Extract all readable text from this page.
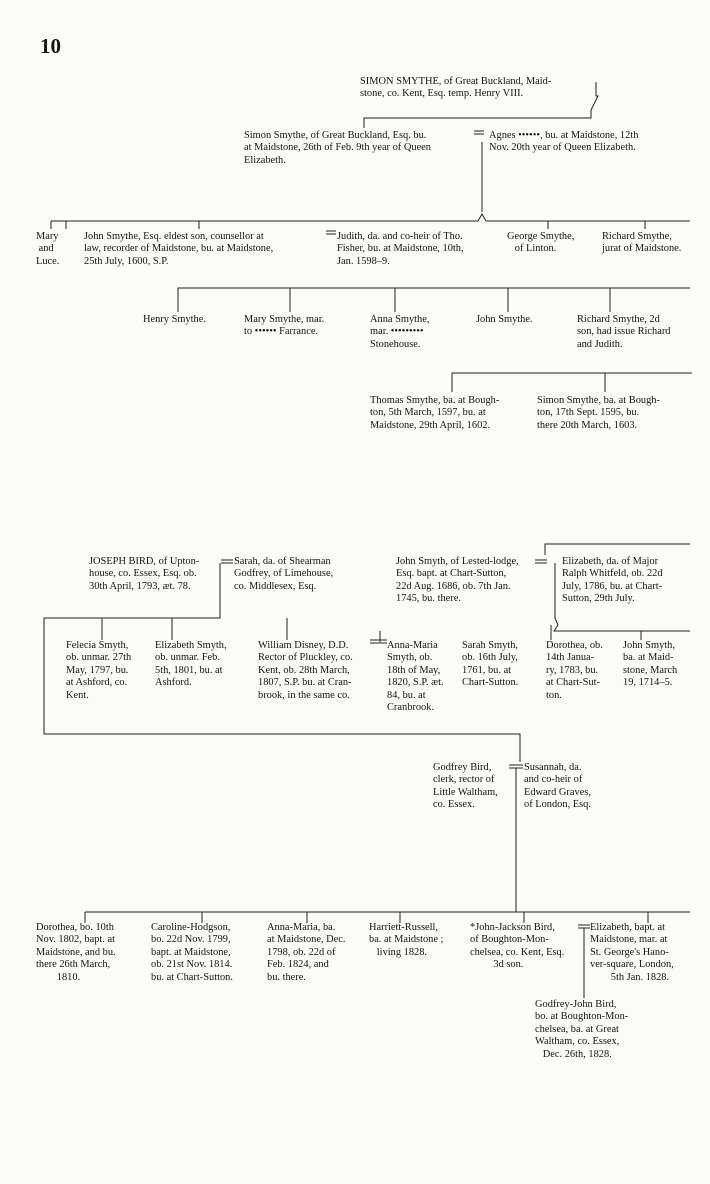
10
SIMON SMYTHE, of Great Buckland, Maid-
stone, co. Kent, Esq. temp. Henry VIII.
Simon Smythe, of Great Buckland, Esq. bu.
at Maidstone, 26th of Feb. 9th year of Queen
Elizabeth.
Agnes ••••••, bu. at Maidstone, 12th
Nov. 20th year of Queen Elizabeth.
Mary
and
Luce.
John Smythe, Esq. eldest son, counsellor at
law, recorder of Maidstone, bu. at Maidstone,
25th July, 1600, S.P.
Judith, da. and co-heir of Tho.
Fisher, bu. at Maidstone, 10th,
Jan. 1598–9.
George Smythe,
of Linton.
Richard Smythe,
jurat of Maidstone.
Henry Smythe.	Mary Smythe, mar.
to •••••• Farrance.
Anna Smythe,
mar. •••••••••
Stonehouse.
John Smythe.	Richard Smythe, 2d
son, had issue Richard
and Judith.
Thomas Smythe, ba. at Bough-
ton, 5th March, 1597, bu. at
Maidstone, 29th April, 1602.
Simon Smythe, ba. at Bough-
ton, 17th Sept. 1595, bu.
there 20th March, 1603.
JOSEPH BIRD, of Upton-
house, co. Essex, Esq. ob.
30th April, 1793, æt. 78.
Sarah, da. of Shearman
Godfrey, of Limehouse,
co. Middlesex, Esq.
John Smyth, of Lested-lodge,
Esq. bapt. at Chart-Sutton,
22d Aug. 1686, ob. 7th Jan.
1745, bu. there.
Elizabeth, da. of Major
Ralph Whitfeld, ob. 22d
July, 1786, bu. at Chart-
Sutton, 29th July.
Felecia Smyth,
ob. unmar. 27th
May, 1797, bu.
at Ashford, co.
Kent.
Elizabeth Smyth,
ob. unmar. Feb.
5th, 1801, bu. at
Ashford.
William Disney, D.D.
Rector of Pluckley, co.
Kent, ob. 28th March,
1807, S.P. bu. at Cran-
brook, in the same co.
Anna-Maria
Smyth, ob.
18th of May,
1820, S.P. æt.
84, bu. at
Cranbrook.
Sarah Smyth,
ob. 16th July,
1761, bu. at
Chart-Sutton.
Dorothea, ob.
14th Janua-
ry, 1783, bu.
at Chart-Sut-
ton.
John Smyth,
ba. at Maid-
stone, March
19, 1714–5.
Godfrey Bird,
clerk, rector of
Little Waltham,
co. Essex.
Susannah, da.
and co-heir of
Edward Graves,
of London, Esq.
Dorothea, bo. 10th
Nov. 1802, bapt. at
Maidstone, and bu.
there 26th March,
1810.
Caroline-Hodgson,
bo. 22d Nov. 1799,
bapt. at Maidstone,
ob. 21st Nov. 1814.
bu. at Chart-Sutton.
Anna-Maria, ba.
at Maidstone, Dec.
1798, ob. 22d of
Feb. 1824, and
bu. there.
Harriett-Russell,
ba. at Maidstone ;
living 1828.
*John-Jackson Bird,
of Boughton-Mon-
chelsea, co. Kent, Esq.
3d son.
Elizabeth, bapt. at
Maidstone, mar. at
St. George's Hano-
ver-square, London,
5th Jan. 1828.
Godfrey-John Bird,
bo. at Boughton-Mon-
chelsea, ba. at Great
Waltham, co. Essex,
Dec. 26th, 1828.
